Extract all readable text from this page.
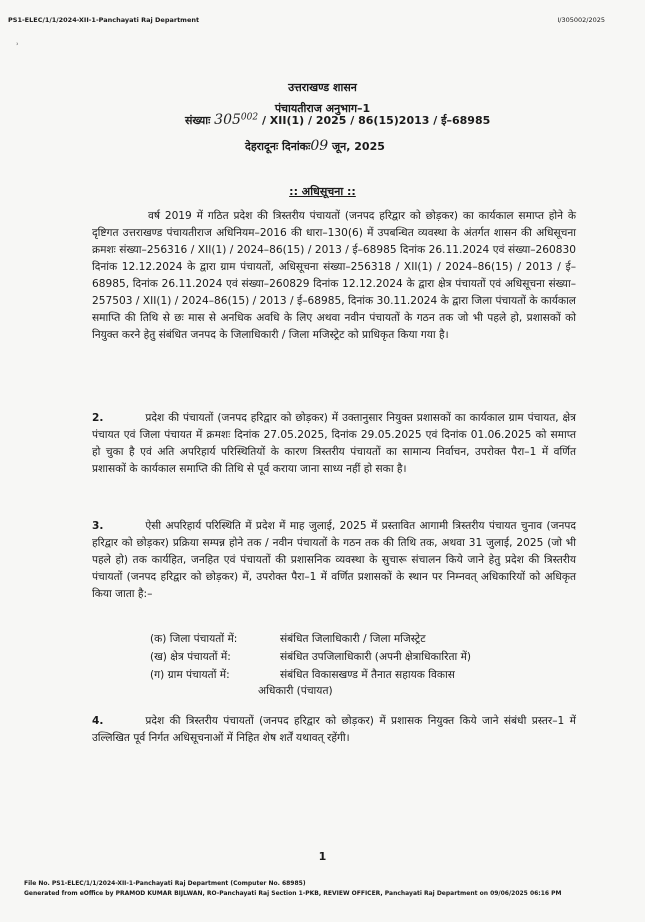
PS1-ELEC/1/1/2024-XII-1-Panchayati Raj Department	I/305002/2025
ʾ
उत्तराखण्ड शासन
पंचायतीराज अनुभाग–1
संख्याः $305^{002} / XII(1) / 2025 / 86(15)2013$ / ई–68985
देहरादूनः दिनांकः09 जून, 2025
:: अधिसूचना ::
वर्ष 2019 में गठित प्रदेश की त्रिस्तरीय पंचायतों (जनपद हरिद्वार को छोड़कर) का कार्यकाल समाप्त होने के दृष्टिगत उत्तराखण्ड पंचायतीराज अधिनियम–2016 की धारा–130(6) में उपबन्धित व्यवस्था के अंतर्गत शासन की अधिसूचना क्रमशः संख्या–256316 / XII(1) / 2024–86(15) / 2013 / ई–68985 दिनांक 26.11.2024 एवं संख्या–260830 दिनांक 12.12.2024 के द्वारा ग्राम पंचायतों, अधिसूचना संख्या–256318 / XII(1) / 2024–86(15) / 2013 / ई–68985, दिनांक 26.11.2024 एवं संख्या–260829 दिनांक 12.12.2024 के द्वारा क्षेत्र पंचायतों एवं अधिसूचना संख्या–257503 / XII(1) / 2024–86(15) / 2013 / ई–68985, दिनांक 30.11.2024 के द्वारा जिला पंचायतों के कार्यकाल समाप्ति की तिथि से छः मास से अनधिक अवधि के लिए अथवा नवीन पंचायतों के गठन तक जो भी पहले हो, प्रशासकों को नियुक्त करने हेतु संबंधित जनपद के जिलाधिकारी / जिला मजिस्ट्रेट को प्राधिकृत किया गया है।
2.	प्रदेश की पंचायतों (जनपद हरिद्वार को छोड़कर) में उक्तानुसार नियुक्त प्रशासकों का कार्यकाल ग्राम पंचायत, क्षेत्र पंचायत एवं जिला पंचायत में क्रमशः दिनांक 27.05.2025, दिनांक 29.05.2025 एवं दिनांक 01.06.2025 को समाप्त हो चुका है एवं अति अपरिहार्य परिस्थितियों के कारण त्रिस्तरीय पंचायतों का सामान्य निर्वाचन, उपरोक्त पैरा–1 में वर्णित प्रशासकों के कार्यकाल समाप्ति की तिथि से पूर्व कराया जाना साध्य नहीं हो सका है।
3.	ऐसी अपरिहार्य परिस्थिति में प्रदेश में माह जुलाई, 2025 में प्रस्तावित आगामी त्रिस्तरीय पंचायत चुनाव (जनपद हरिद्वार को छोड़कर) प्रक्रिया सम्पन्न होने तक / नवीन पंचायतों के गठन तक की तिथि तक, अथवा 31 जुलाई, 2025 (जो भी पहले हो) तक कार्यहित, जनहित एवं पंचायतों की प्रशासनिक व्यवस्था के सुचारू संचालन किये जाने हेतु प्रदेश की त्रिस्तरीय पंचायतों (जनपद हरिद्वार को छोड़कर) में, उपरोक्त पैरा–1 में वर्णित प्रशासकों के स्थान पर निम्नवत् अधिकारियों को अधिकृत किया जाता है:–
(क) जिला पंचायतों में:	संबंधित जिलाधिकारी / जिला मजिस्ट्रेट
(ख) क्षेत्र पंचायतों में:	संबंधित उपजिलाधिकारी (अपनी क्षेत्राधिकारिता में)
(ग) ग्राम पंचायतों में:	संबंधित विकासखण्ड में तैनात सहायक विकास
अधिकारी (पंचायत)
4.	प्रदेश की त्रिस्तरीय पंचायतों (जनपद हरिद्वार को छोड़कर) में प्रशासक नियुक्त किये जाने संबंधी प्रस्तर–1 में उल्लिखित पूर्व निर्गत अधिसूचनाओं में निहित शेष शर्तें यथावत् रहेंगी।
1
File No. PS1-ELEC/1/1/2024-XII-1-Panchayati Raj Department (Computer No. 68985)
Generated from eOffice by PRAMOD KUMAR BIJLWAN, RO-Panchayati Raj Section 1-PKB, REVIEW OFFICER, Panchayati Raj Department on 09/06/2025 06:16 PM
